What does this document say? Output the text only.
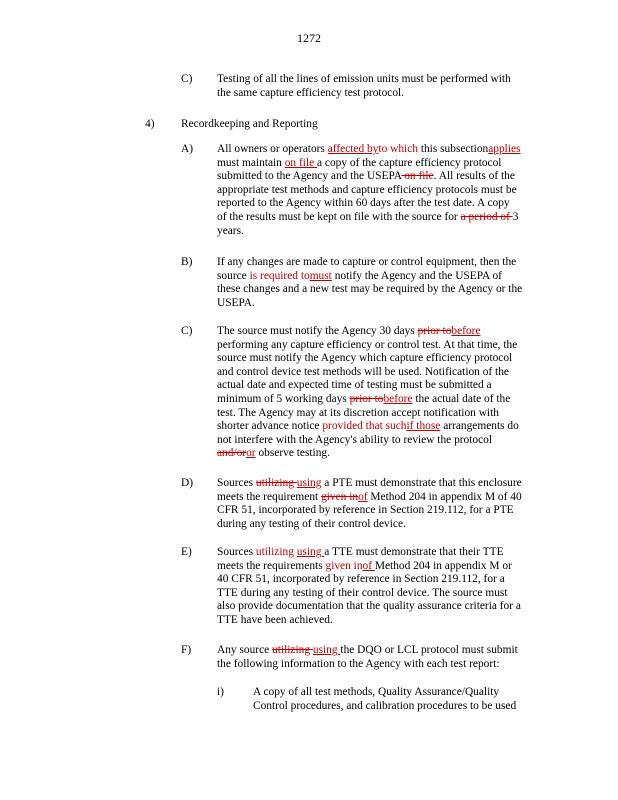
1272
C) Testing of all the lines of emission units must be performed with
the same capture efficiency test protocol.
4) Recordkeeping and Reporting
A) All owners or operators affected byto which this subsectionapplies
must maintain on file a copy of the capture efficiency protocol
submitted to the Agency and the USEPA on file. All results of the
appropriate test methods and capture efficiency protocols must be
reported to the Agency within 60 days after the test date. A copy
of the results must be kept on file with the source for a period of 3
years.
B) If any changes are made to capture or control equipment, then the
source is required tomust notify the Agency and the USEPA of
these changes and a new test may be required by the Agency or the
USEPA.
C) The source must notify the Agency 30 days prior tobefore
performing any capture efficiency or control test. At that time, the
source must notify the Agency which capture efficiency protocol
and control device test methods will be used. Notification of the
actual date and expected time of testing must be submitted a
minimum of 5 working days prior tobefore the actual date of the
test. The Agency may at its discretion accept notification with
shorter advance notice provided that suchif those arrangements do
not interfere with the Agency's ability to review the protocol
and/oror observe testing.
D) Sources utilizing using a PTE must demonstrate that this enclosure
meets the requirement given inof Method 204 in appendix M of 40
CFR 51, incorporated by reference in Section 219.112, for a PTE
during any testing of their control device.
E) Sources utilizing using a TTE must demonstrate that their TTE
meets the requirements given inof Method 204 in appendix M or
40 CFR 51, incorporated by reference in Section 219.112, for a
TTE during any testing of their control device. The source must
also provide documentation that the quality assurance criteria for a
TTE have been achieved.
F) Any source utilizing using the DQO or LCL protocol must submit
the following information to the Agency with each test report:
i)	A copy of all test methods, Quality Assurance/Quality
Control procedures, and calibration procedures to be used
